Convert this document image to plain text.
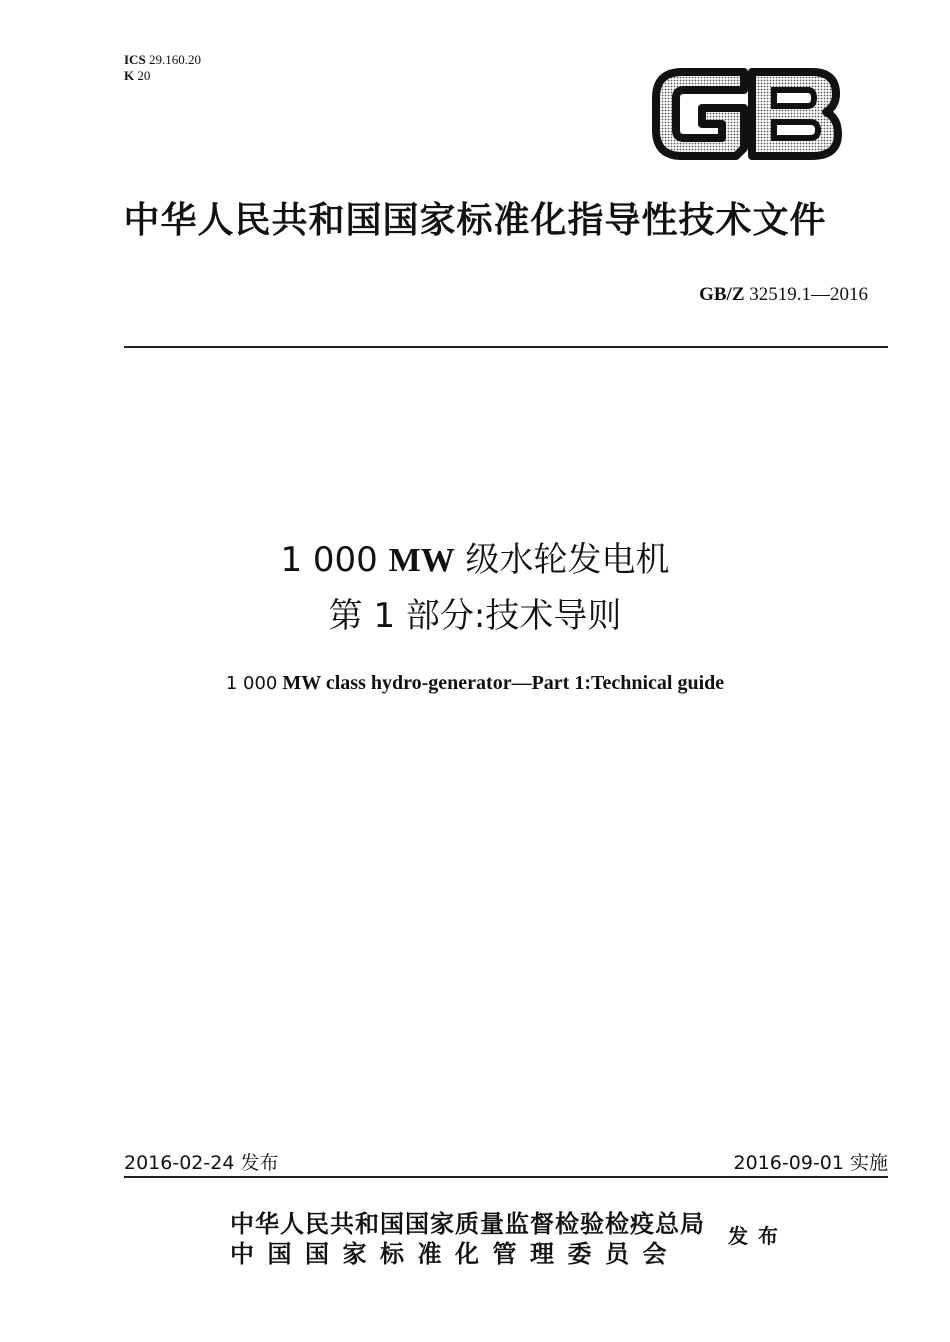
ICS 29.160.20
K 20
中华人民共和国国家标准化指导性技术文件
GB/Z 32519.1—2016
1 000 MW 级水轮发电机
第 1 部分:技术导则
1 000 MW class hydro-generator—Part 1:Technical guide
2016-02-24 发布	2016-09-01 实施
中华人民共和国国家质量监督检验检疫总局
中国国家标准化管理委员会
发布
